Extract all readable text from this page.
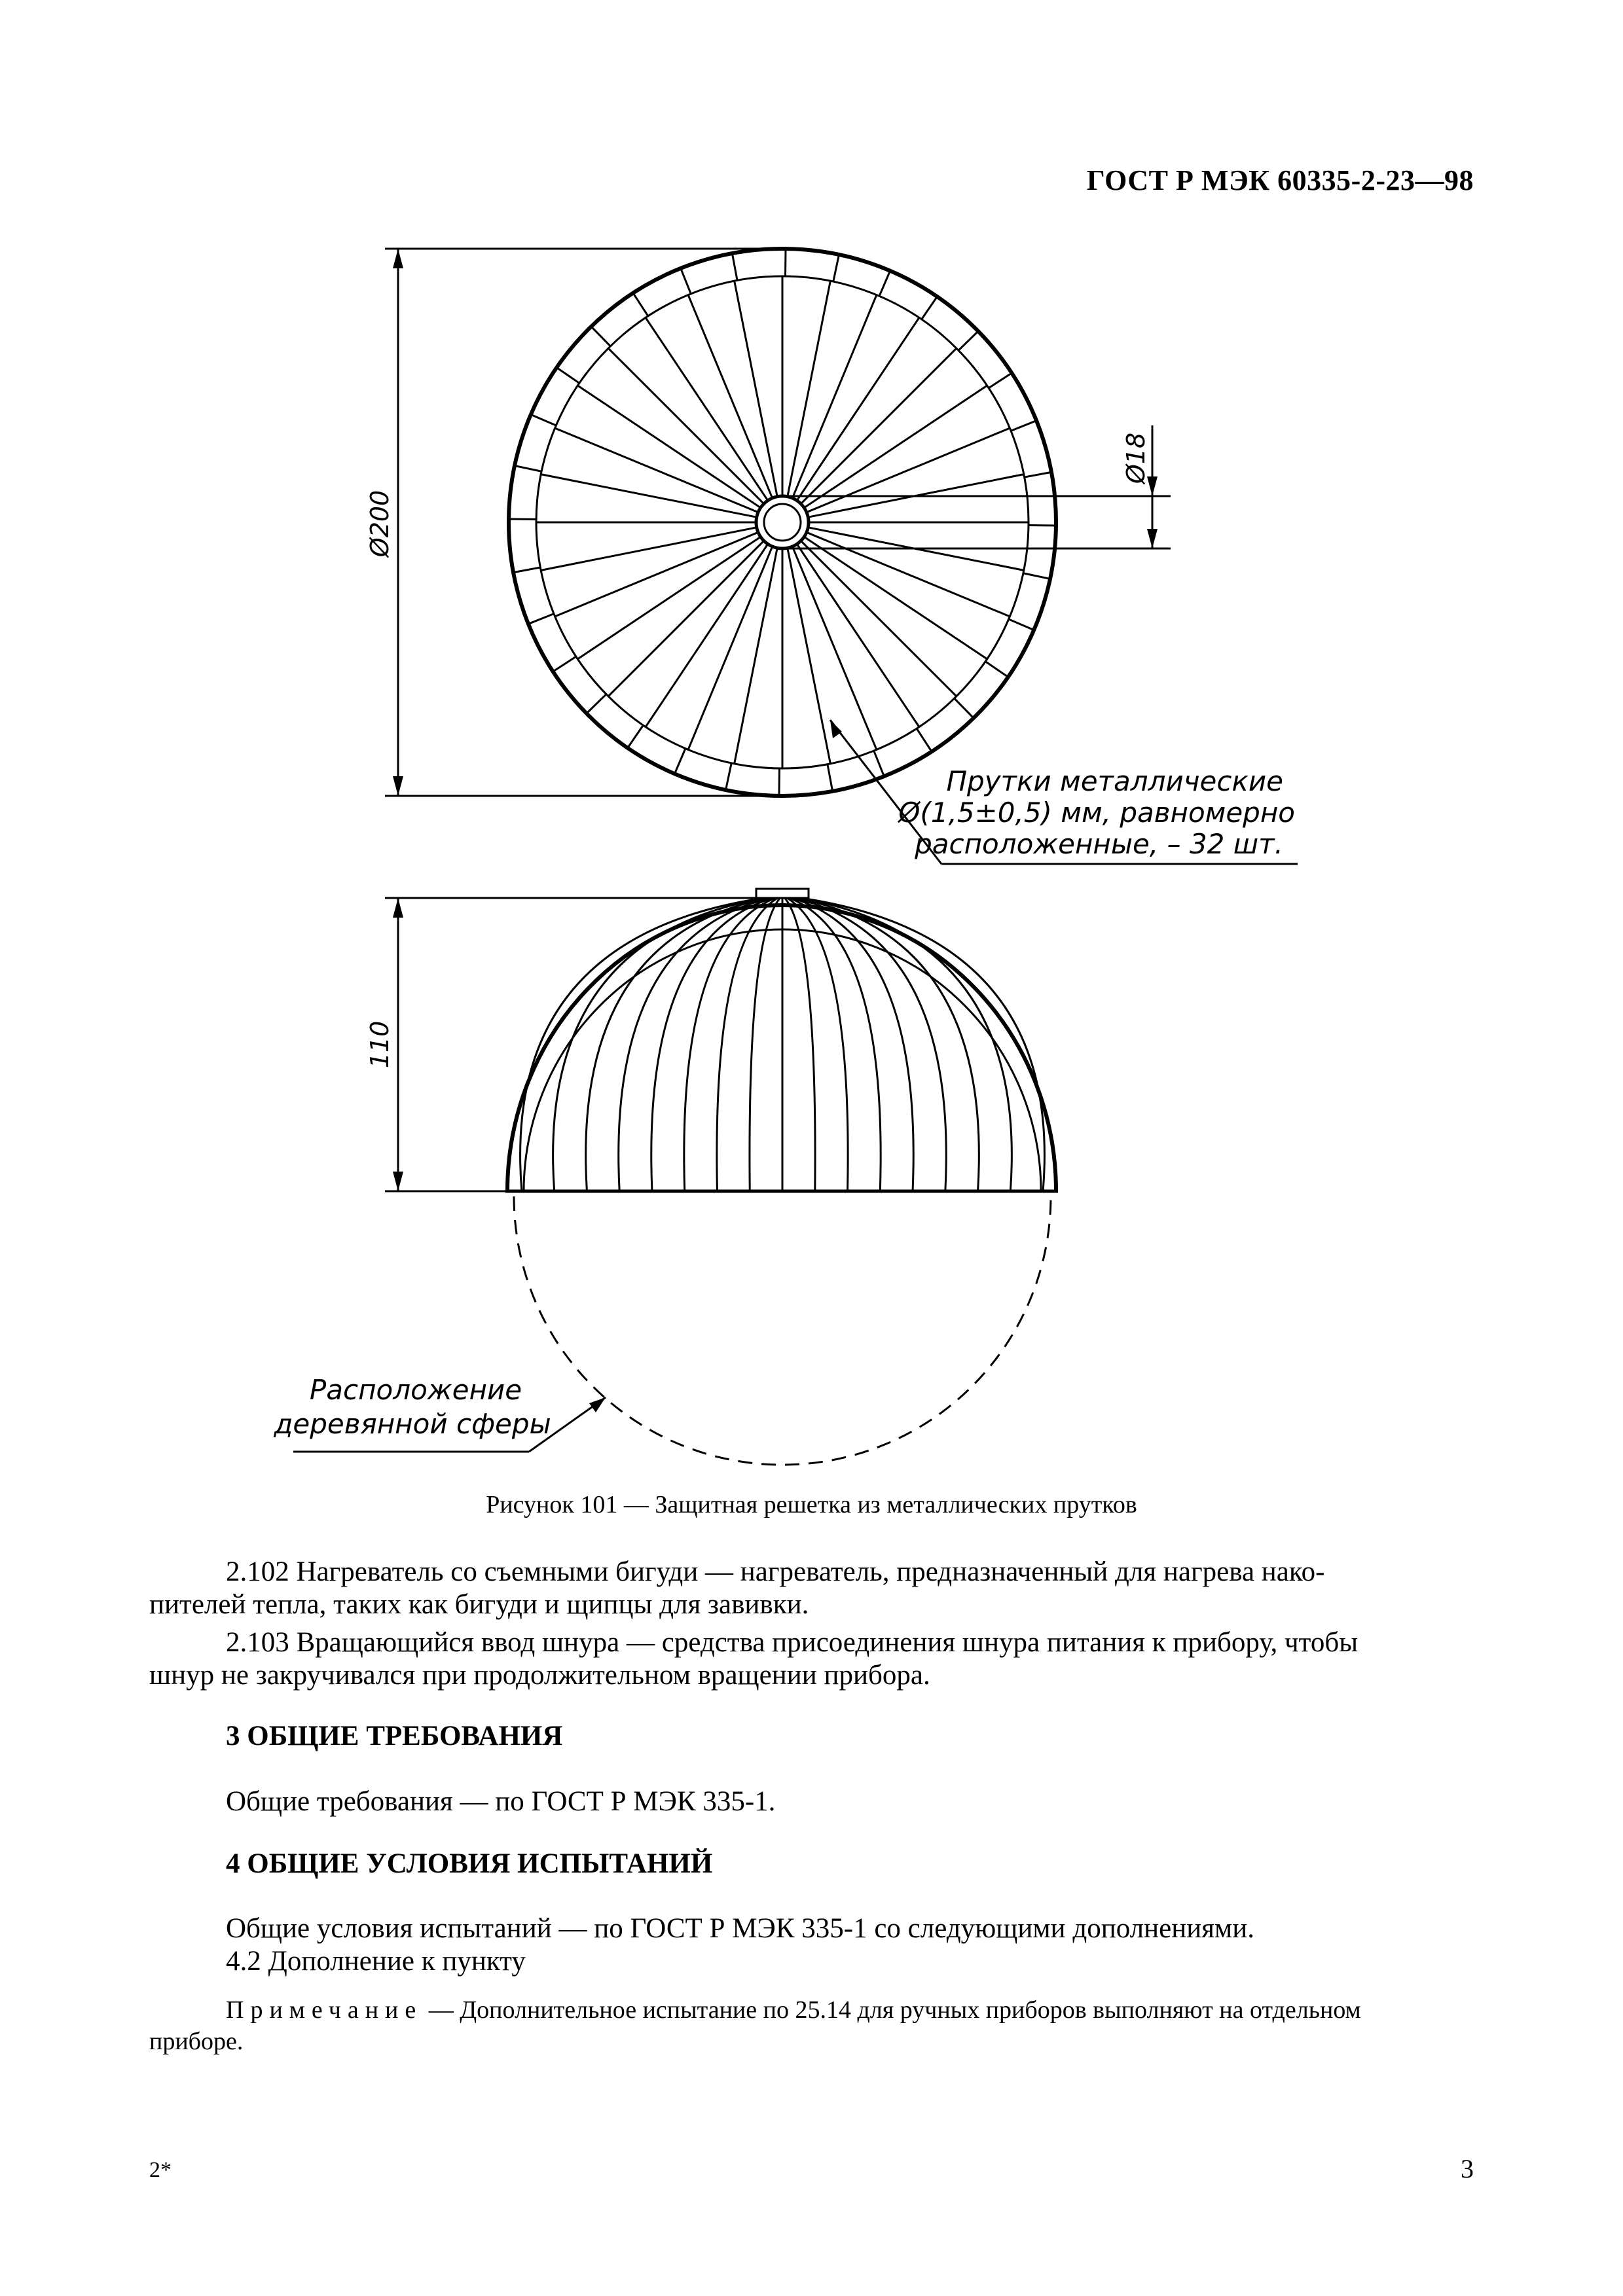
ГОСТ Р МЭК 60335-2-23—98
Ø200
Ø18
Прутки металлические
Ø(1,5±0,5) мм, равномерно
расположенные, – 32 шт.
110
Расположение
деревянной сферы
Рисунок 101 — Защитная решетка из металлических прутков
2.102 Нагреватель со съемными бигуди — нагреватель, предназначенный для нагрева нако-
пителей тепла, таких как бигуди и щипцы для завивки.
2.103 Вращающийся ввод шнура — средства присоединения шнура питания к прибору, чтобы
шнур не закручивался при продолжительном вращении прибора.
3 ОБЩИЕ ТРЕБОВАНИЯ
Общие требования — по ГОСТ Р МЭК 335-1.
4 ОБЩИЕ УСЛОВИЯ ИСПЫТАНИЙ
Общие условия испытаний — по ГОСТ Р МЭК 335-1 со следующими дополнениями.
4.2 Дополнение к пункту
Примечание — Дополнительное испытание по 25.14 для ручных приборов выполняют на отдельном
приборе.
2*	3
